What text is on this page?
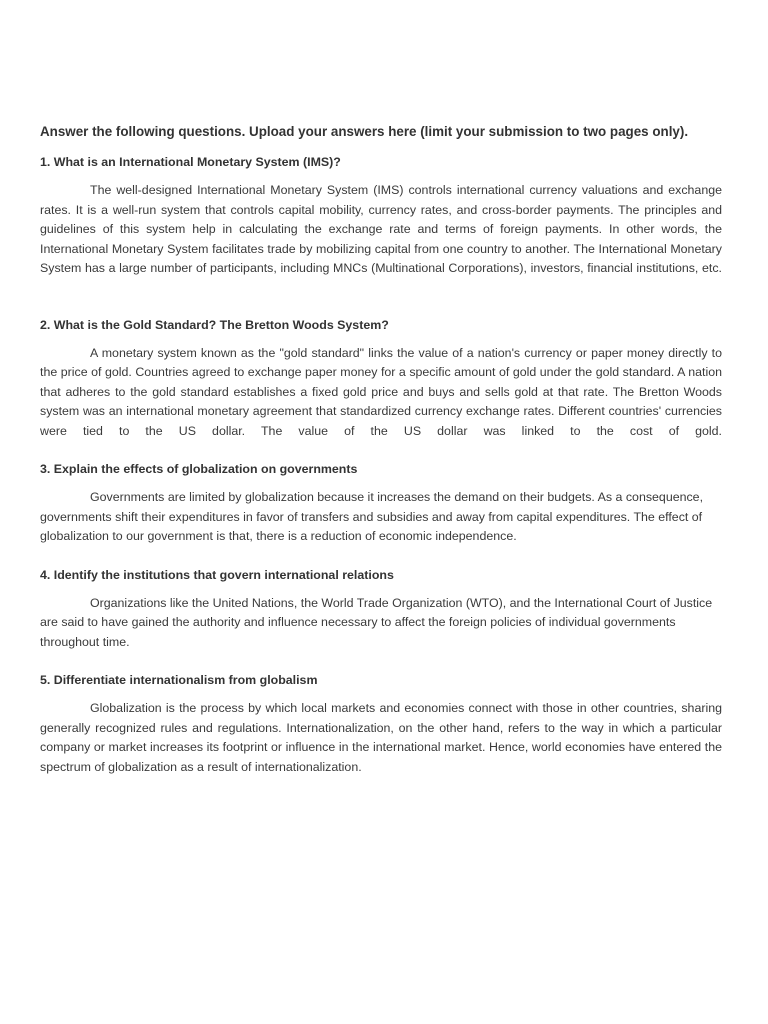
Answer the following questions. Upload your answers here (limit your submission to two pages only).

1. What is an International Monetary System (IMS)?

The well-designed International Monetary System (IMS) controls international currency valuations and exchange rates. It is a well-run system that controls capital mobility, currency rates, and cross-border payments. The principles and guidelines of this system help in calculating the exchange rate and terms of foreign payments. In other words, the International Monetary System facilitates trade by mobilizing capital from one country to another. The International Monetary System has a large number of participants, including MNCs (Multinational Corporations), investors, financial institutions, etc.

2. What is the Gold Standard? The Bretton Woods System?

A monetary system known as the "gold standard" links the value of a nation's currency or paper money directly to the price of gold. Countries agreed to exchange paper money for a specific amount of gold under the gold standard. A nation that adheres to the gold standard establishes a fixed gold price and buys and sells gold at that rate. The Bretton Woods system was an international monetary agreement that standardized currency exchange rates. Different countries' currencies were tied to the US dollar. The value of the US dollar was linked to the cost of gold.

3. Explain the effects of globalization on governments

Governments are limited by globalization because it increases the demand on their budgets. As a consequence, governments shift their expenditures in favor of transfers and subsidies and away from capital expenditures. The effect of globalization to our government is that, there is a reduction of economic independence.

4. Identify the institutions that govern international relations

Organizations like the United Nations, the World Trade Organization (WTO), and the International Court of Justice are said to have gained the authority and influence necessary to affect the foreign policies of individual governments throughout time.

5. Differentiate internationalism from globalism

Globalization is the process by which local markets and economies connect with those in other countries, sharing generally recognized rules and regulations. Internationalization, on the other hand, refers to the way in which a particular company or market increases its footprint or influence in the international market. Hence, world economies have entered the spectrum of globalization as a result of internationalization.
